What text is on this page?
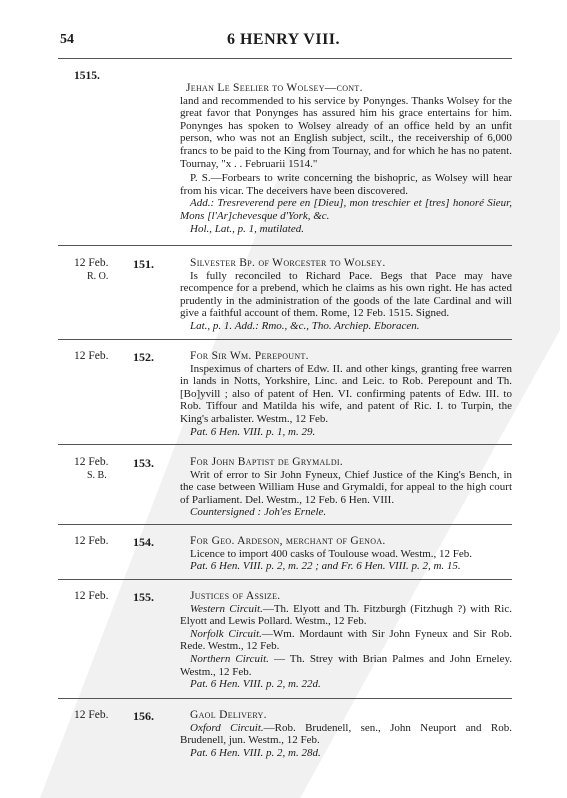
54	6 HENRY VIII.
1515.

Jehan Le Seelier to Wolsey—cont.

land and recommended to his service by Ponynges. Thanks Wolsey for the great favor that Ponynges has assured him his grace entertains for him. Ponynges has spoken to Wolsey already of an office held by an unfit person, who was not an English subject, scilt., the receivership of 6,000 francs to be paid to the King from Tournay, and for which he has no patent. Tournay, "x . . Februarii 1514."

P. S.—Forbears to write concerning the bishopric, as Wolsey will hear from his vicar. The deceivers have been discovered.

Add.: Tresreverend pere en [Dieu], mon treschier et [tres] honoré Sieur, Mons [l'Ar]chevesque d'York, &c.

Hol., Lat., p. 1, mutilated.

12 Feb.
R. O.
151.	Silvester Bp. of Worcester to Wolsey.

Is fully reconciled to Richard Pace. Begs that Pace may have recompence for a prebend, which he claims as his own right. He has acted prudently in the administration of the goods of the late Cardinal and will give a faithful account of them. Rome, 12 Feb. 1515. Signed.

Lat., p. 1. Add.: Rmo., &c., Tho. Archiep. Eboracen.

12 Feb.	152.	For Sir Wm. Perepount.

Inspeximus of charters of Edw. II. and other kings, granting free warren in lands in Notts, Yorkshire, Linc. and Leic. to Rob. Perepount and Th. [Bo]yvill ; also of patent of Hen. VI. confirming patents of Edw. III. to Rob. Tiffour and Matilda his wife, and patent of Ric. I. to Turpin, the King's arbalister. Westm., 12 Feb.

Pat. 6 Hen. VIII. p. 1, m. 29.

12 Feb.
S. B.
153.	For John Baptist de Grymaldi.

Writ of error to Sir John Fyneux, Chief Justice of the King's Bench, in the case between William Huse and Grymaldi, for appeal to the high court of Parliament. Del. Westm., 12 Feb. 6 Hen. VIII.

Countersigned : Joh'es Ernele.

12 Feb.	154.	For Geo. Ardeson, merchant of Genoa.

Licence to import 400 casks of Toulouse woad. Westm., 12 Feb.

Pat. 6 Hen. VIII. p. 2, m. 22 ; and Fr. 6 Hen. VIII. p. 2, m. 15.

12 Feb.	155.	Justices of Assize.

Western Circuit.—Th. Elyott and Th. Fitzburgh (Fitzhugh ?) with Ric. Elyott and Lewis Pollard. Westm., 12 Feb.

Norfolk Circuit.—Wm. Mordaunt with Sir John Fyneux and Sir Rob. Rede. Westm., 12 Feb.

Northern Circuit. — Th. Strey with Brian Palmes and John Erneley. Westm., 12 Feb.

Pat. 6 Hen. VIII. p. 2, m. 22d.

12 Feb.	156.	Gaol Delivery.

Oxford Circuit.—Rob. Brudenell, sen., John Neuport and Rob. Brudenell, jun. Westm., 12 Feb.

Pat. 6 Hen. VIII. p. 2, m. 28d.
